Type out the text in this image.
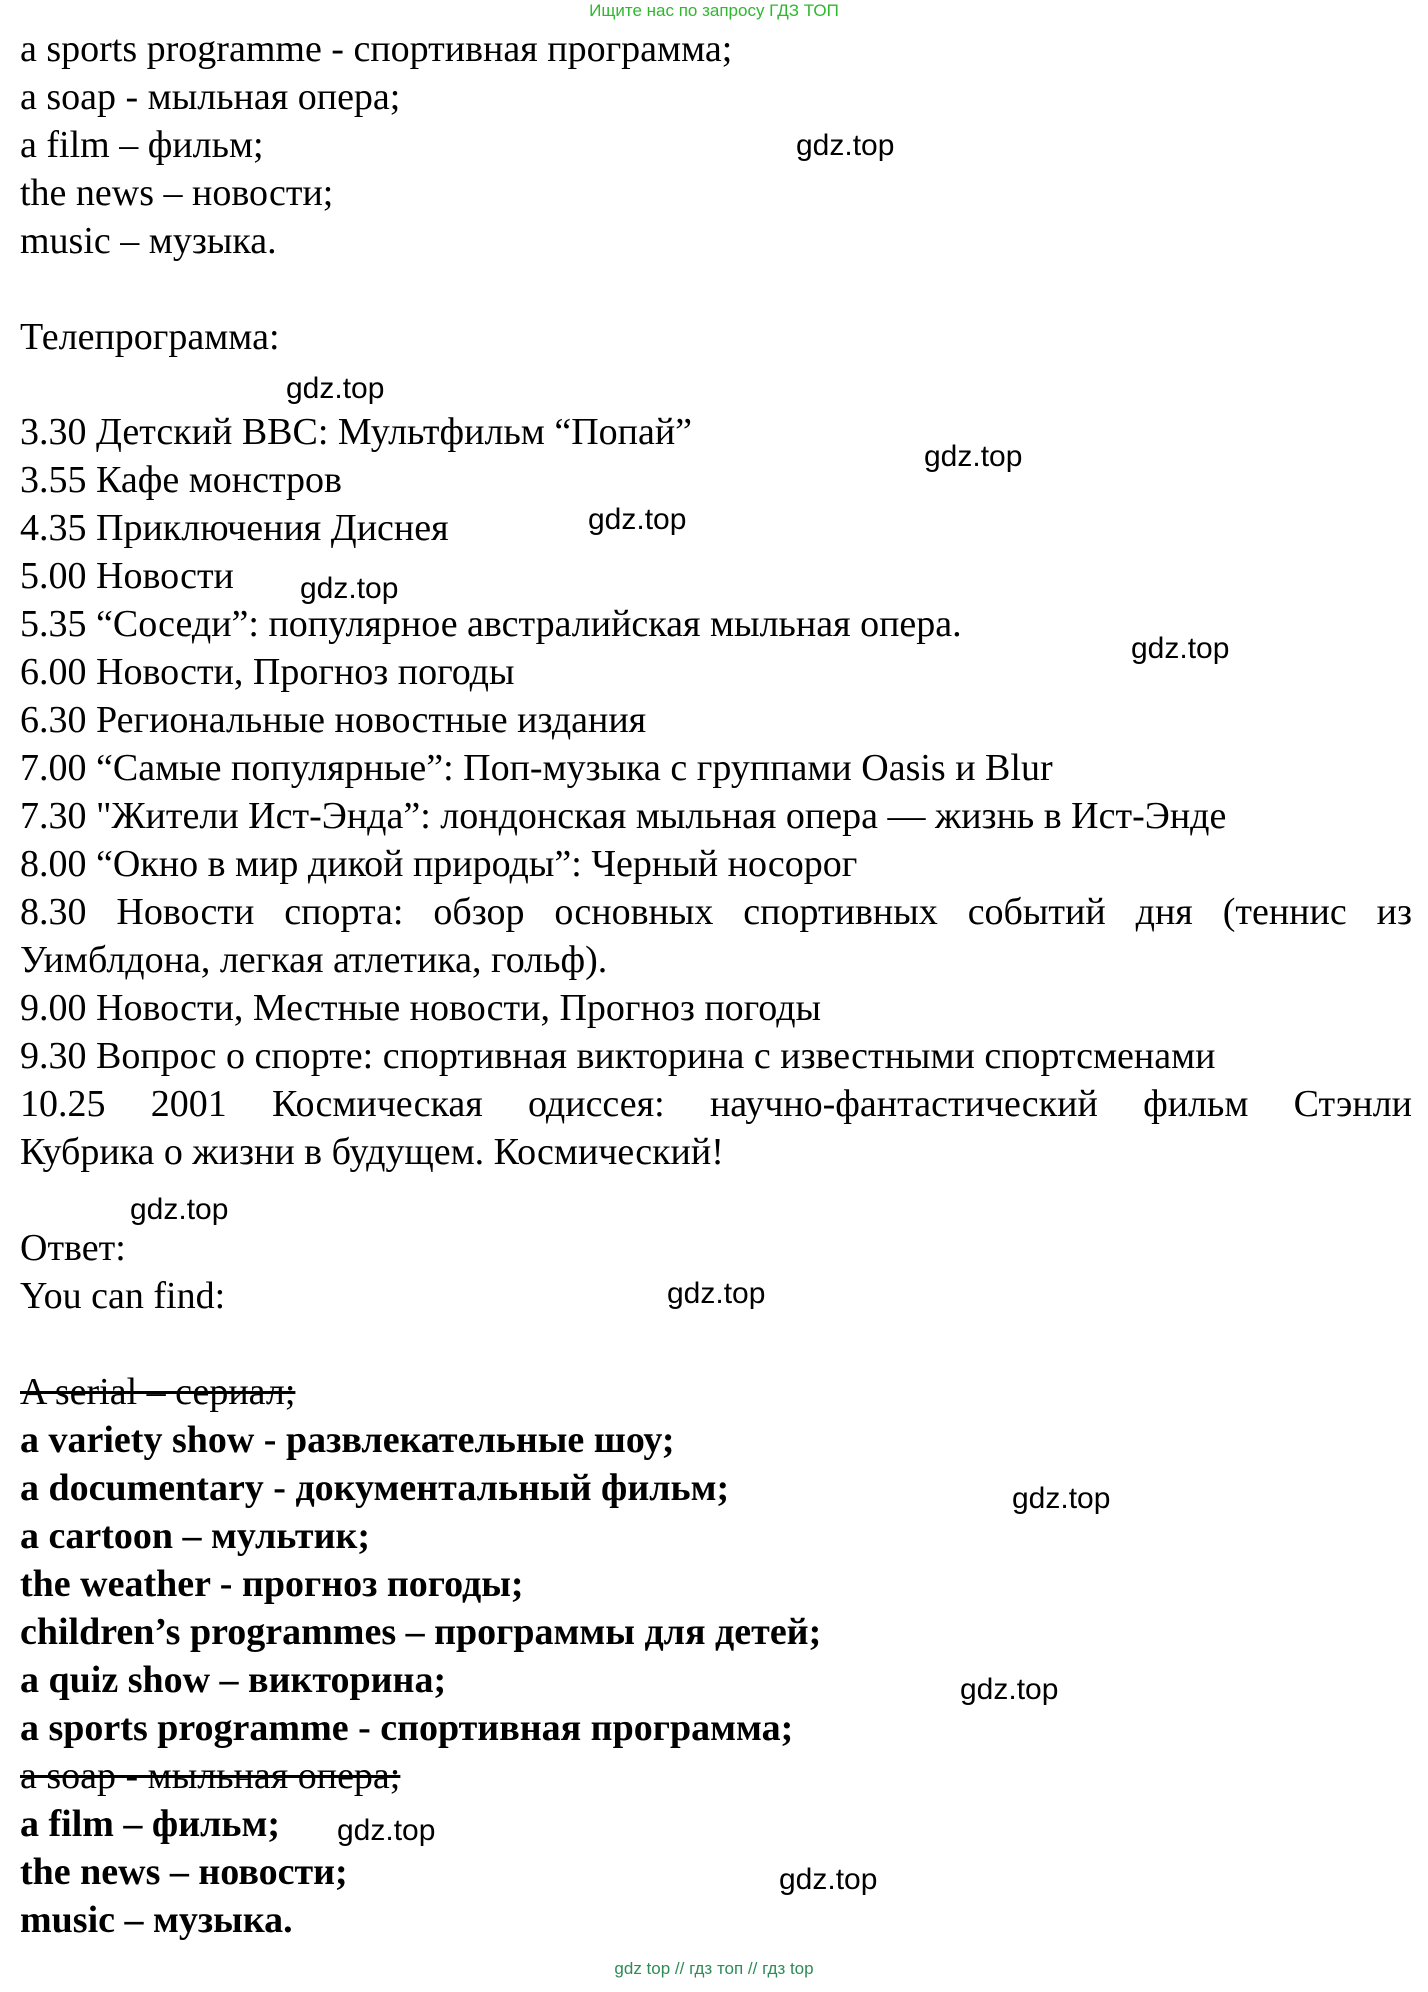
Ищите нас по запросу ГДЗ ТОП
a sports programme - спортивная программа;
a soap - мыльная опера;
a film – фильм;
the news – новости;
music – музыка.
Телепрограмма:
3.30 Детский BBC: Мультфильм “Попай”
3.55 Кафе монстров
4.35 Приключения Диснея
5.00 Новости
5.35 “Соседи”: популярное австралийская мыльная опера.
6.00 Новости, Прогноз погоды
6.30 Региональные новостные издания
7.00 “Самые популярные”: Поп-музыка с группами Oasis и Blur
7.30 "Жители Ист-Энда”: лондонская мыльная опера — жизнь в Ист-Энде
8.00 “Окно в мир дикой природы”: Черный носорог
8.30 Новости спорта: обзор основных спортивных событий дня (теннис из
Уимблдона, легкая атлетика, гольф).
9.00 Новости, Местные новости, Прогноз погоды
9.30 Вопрос о спорте: спортивная викторина с известными спортсменами
10.25 2001 Космическая одиссея: научно-фантастический фильм Стэнли
Кубрика о жизни в будущем. Космический!
Ответ:
You can find:
A serial – сериал;
a variety show - развлекательные шоу;
a documentary - документальный фильм;
a cartoon – мультик;
the weather - прогноз погоды;
children’s programmes – программы для детей;
a quiz show – викторина;
a sports programme - спортивная программа;
a soap - мыльная опера;
a film – фильм;
the news – новости;
music – музыка.
gdz.top
gdz.top
gdz.top
gdz.top
gdz.top
gdz.top
gdz.top
gdz.top
gdz.top
gdz.top
gdz.top
gdz.top
gdz top // гдз топ // гдз top
